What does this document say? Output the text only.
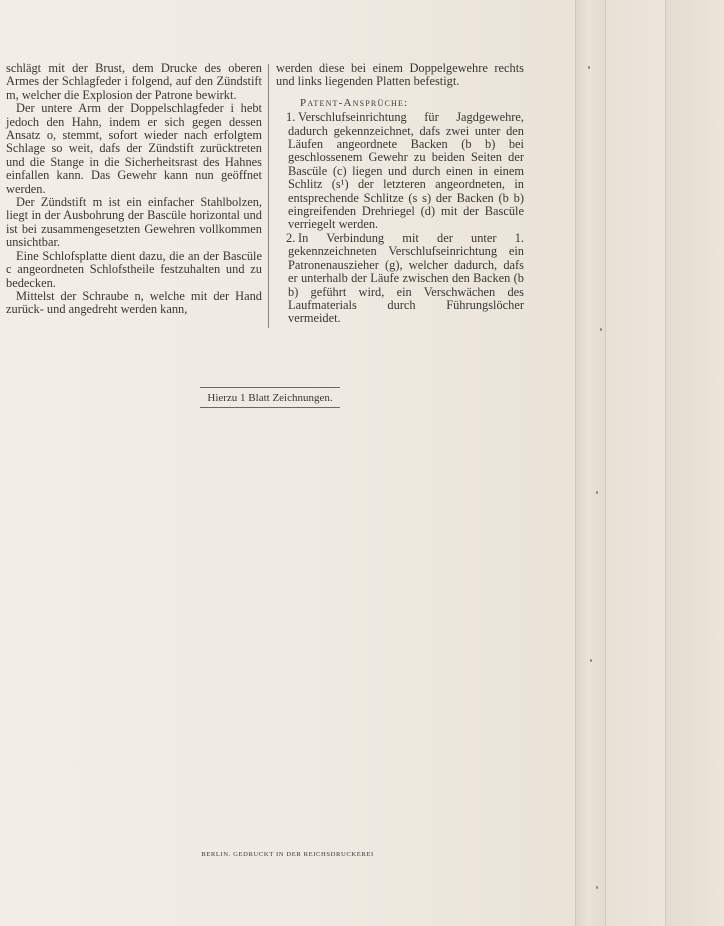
schlägt mit der Brust, dem Drucke des oberen Armes der Schlagfeder i folgend, auf den Zündstift m, welcher die Explosion der Patrone bewirkt.

Der untere Arm der Doppelschlagfeder i hebt jedoch den Hahn, indem er sich gegen dessen Ansatz o, stemmt, sofort wieder nach erfolgtem Schlage so weit, dafs der Zündstift zurücktreten und die Stange in die Sicherheitsrast des Hahnes einfallen kann. Das Gewehr kann nun geöffnet werden.

Der Zündstift m ist ein einfacher Stahlbolzen, liegt in der Ausbohrung der Bascüle horizontal und ist bei zusammengesetzten Gewehren vollkommen unsichtbar.

Eine Schlofsplatte dient dazu, die an der Bascüle c angeordneten Schlofstheile festzuhalten und zu bedecken.

Mittelst der Schraube n, welche mit der Hand zurück- und angedreht werden kann,

werden diese bei einem Doppelgewehre rechts und links liegenden Platten befestigt.

Patent-Ansprüche:

1. Verschlufseinrichtung für Jagdgewehre, dadurch gekennzeichnet, dafs zwei unter den Läufen angeordnete Backen (b b) bei geschlossenem Gewehr zu beiden Seiten der Bascüle (c) liegen und durch einen in einem Schlitz (s¹) der letzteren angeordneten, in entsprechende Schlitze (s s) der Backen (b b) eingreifenden Drehriegel (d) mit der Bascüle verriegelt werden.

2. In Verbindung mit der unter 1. gekennzeichneten Verschlufseinrichtung ein Patronenauszieher (g), welcher dadurch, dafs er unterhalb der Läufe zwischen den Backen (b b) geführt wird, ein Verschwächen des Laufmaterials durch Führungslöcher vermeidet.

Hierzu 1 Blatt Zeichnungen.
BERLIN. GEDRUCKT IN DER REICHSDRUCKEREI
